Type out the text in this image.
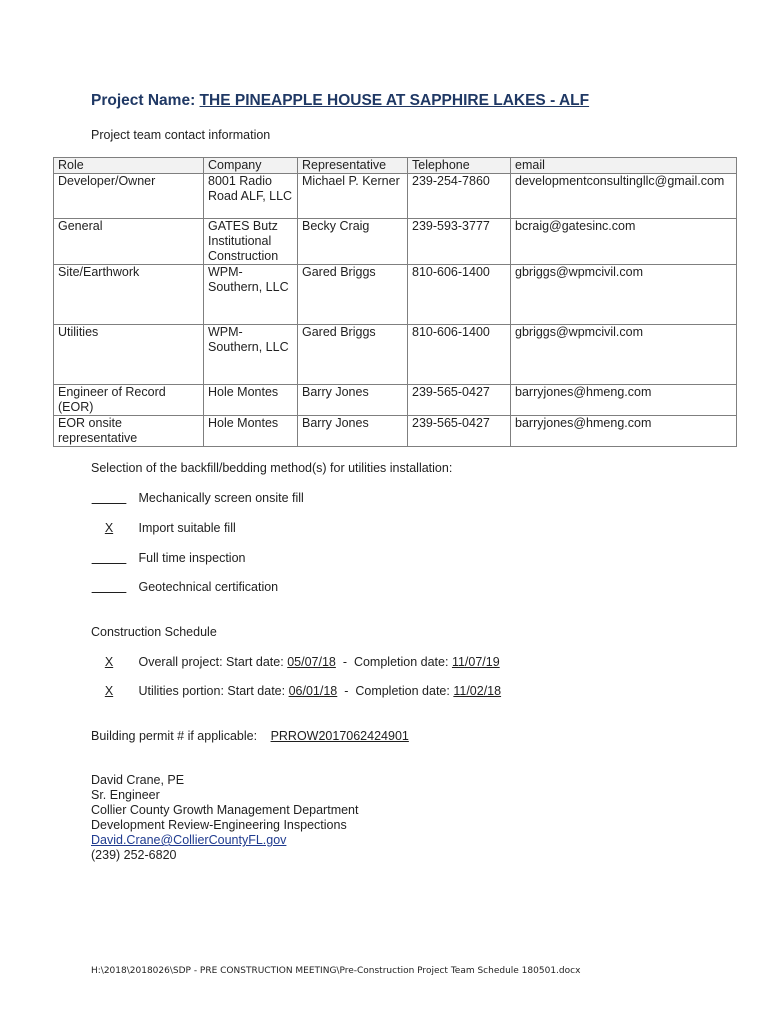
Project Name: THE PINEAPPLE HOUSE AT SAPPHIRE LAKES - ALF
Project team contact information
Role	Company	Representative	Telephone	email
Developer/Owner	8001 Radio Road ALF, LLC	Michael P. Kerner	239-254-7860	developmentconsultingllc@gmail.com
General	GATES Butz Institutional Construction	Becky Craig	239-593-3777	bcraig@gatesinc.com
Site/Earthwork	WPM-Southern, LLC	Gared Briggs	810-606-1400	gbriggs@wpmcivil.com
Utilities	WPM-Southern, LLC	Gared Briggs	810-606-1400	gbriggs@wpmcivil.com
Engineer of Record (EOR)	Hole Montes	Barry Jones	239-565-0427	barryjones@hmeng.com
EOR onsite representative	Hole Montes	Barry Jones	239-565-0427	barryjones@hmeng.com
Selection of the backfill/bedding method(s) for utilities installation:
Mechanically screen onsite fill
X Import suitable fill
Full time inspection
Geotechnical certification
Construction Schedule
X Overall project: Start date: 05/07/18  -  Completion date: 11/07/19
X Utilities portion: Start date: 06/01/18  -  Completion date: 11/02/18
Building permit # if applicable: PRROW2017062424901
David Crane, PE
Sr. Engineer
Collier County Growth Management Department
Development Review-Engineering Inspections
David.Crane@CollierCountyFL.gov
(239) 252-6820
H:\2018\2018026\SDP - PRE CONSTRUCTION MEETING\Pre-Construction Project Team Schedule 180501.docx
